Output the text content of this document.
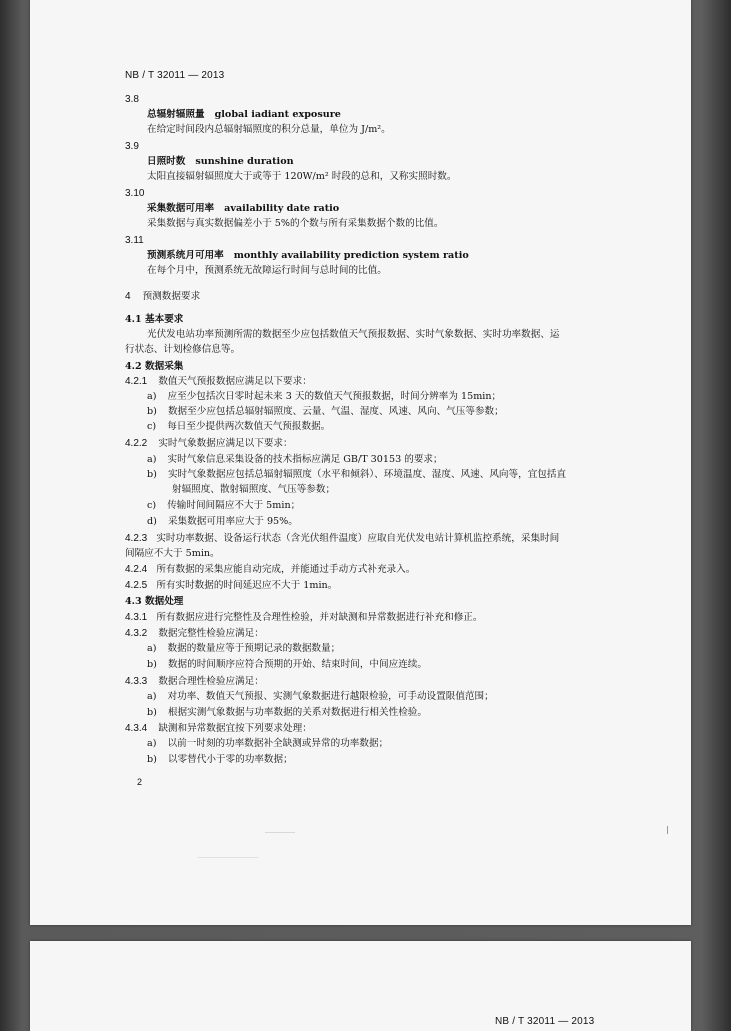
NB / T 32011 — 2013
3.8
总辐射辐照量 global iadiant exposure
在给定时间段内总辐射辐照度的积分总量，单位为 J/m²。
3.9
日照时数 sunshine duration
太阳直接辐射辐照度大于或等于 120W/m² 时段的总和，又称实照时数。
3.10
采集数据可用率 availability date ratio
采集数据与真实数据偏差小于 5%的个数与所有采集数据个数的比值。
3.11
预测系统月可用率 monthly availability prediction system ratio
在每个月中，预测系统无故障运行时间与总时间的比值。
4 预测数据要求
4.1 基本要求
光伏发电站功率预测所需的数据至少应包括数值天气预报数据、实时气象数据、实时功率数据、运
行状态、计划检修信息等。
4.2 数据采集
4.2.1 数值天气预报数据应满足以下要求：
a) 应至少包括次日零时起未来 3 天的数值天气预报数据，时间分辨率为 15min；
b) 数据至少应包括总辐射辐照度、云量、气温、湿度、风速、风向、气压等参数；
c) 每日至少提供两次数值天气预报数据。
4.2.2 实时气象数据应满足以下要求：
a) 实时气象信息采集设备的技术指标应满足 GB/T 30153 的要求；
b) 实时气象数据应包括总辐射辐照度（水平和倾斜）、环境温度、湿度、风速、风向等，宜包括直
射辐照度、散射辐照度、气压等参数；
c) 传输时间间隔应不大于 5min；
d) 采集数据可用率应大于 95%。
4.2.3 实时功率数据、设备运行状态（含光伏组件温度）应取自光伏发电站计算机监控系统，采集时间
间隔应不大于 5min。
4.2.4 所有数据的采集应能自动完成，并能通过手动方式补充录入。
4.2.5 所有实时数据的时间延迟应不大于 1min。
4.3 数据处理
4.3.1 所有数据应进行完整性及合理性检验，并对缺测和异常数据进行补充和修正。
4.3.2 数据完整性检验应满足：
a) 数据的数量应等于预期记录的数据数量；
b) 数据的时间顺序应符合预期的开始、结束时间，中间应连续。
4.3.3 数据合理性检验应满足：
a) 对功率、数值天气预报、实测气象数据进行越限检验，可手动设置限值范围；
b) 根据实测气象数据与功率数据的关系对数据进行相关性检验。
4.3.4 缺测和异常数据宜按下列要求处理：
a) 以前一时刻的功率数据补全缺测或异常的功率数据；
b) 以零替代小于零的功率数据；
2
NB / T 32011 — 2013
